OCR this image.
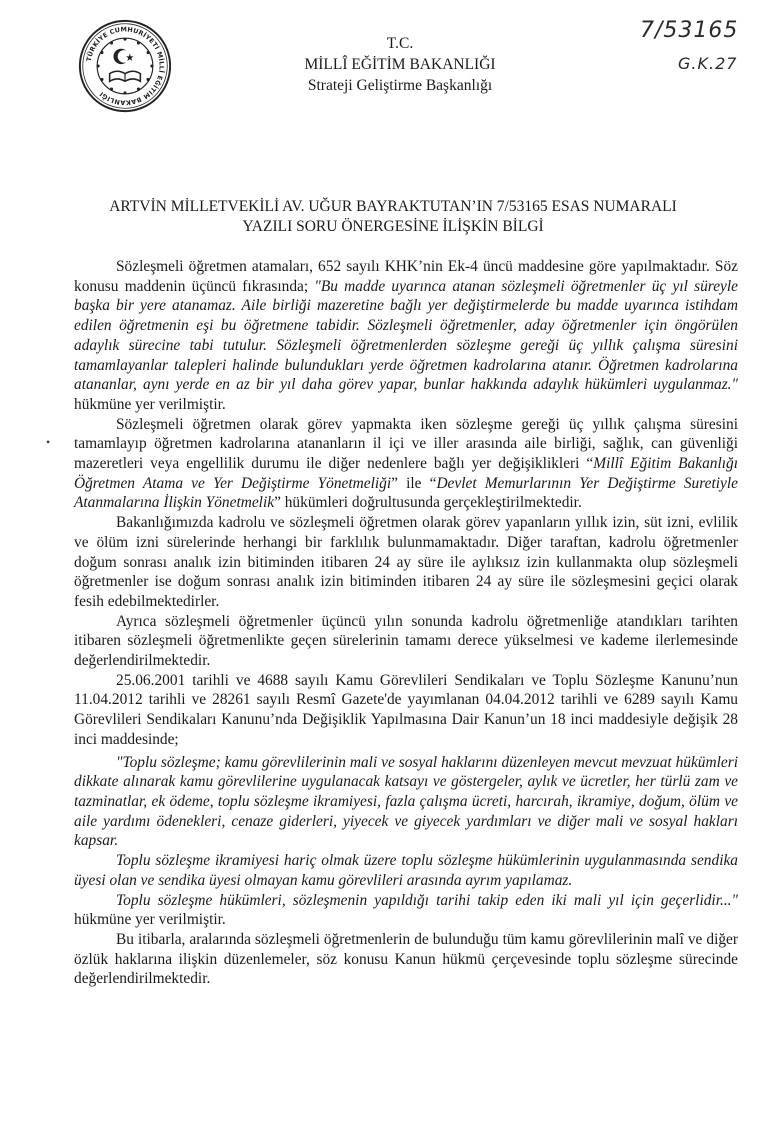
TÜRKİYE CUMHURİYETİ MİLLÎ EĞİTİM BAKANLIĞI
T.C.
MİLLÎ EĞİTİM BAKANLIĞI
Strateji Geliştirme Başkanlığı
7/53165
G.K.27
ARTVİN MİLLETVEKİLİ AV. UĞUR BAYRAKTUTAN’IN 7/53165 ESAS NUMARALI
YAZILI SORU ÖNERGESİNE İLİŞKİN BİLGİ
•

Sözleşmeli öğretmen atamaları, 652 sayılı KHK’nin Ek-4 üncü maddesine göre yapılmaktadır. Söz konusu maddenin üçüncü fıkrasında; "Bu madde uyarınca atanan sözleşmeli öğretmenler üç yıl süreyle başka bir yere atanamaz. Aile birliği mazeretine bağlı yer değiştirmelerde bu madde uyarınca istihdam edilen öğretmenin eşi bu öğretmene tabidir. Sözleşmeli öğretmenler, aday öğretmenler için öngörülen adaylık sürecine tabi tutulur. Sözleşmeli öğretmenlerden sözleşme gereği üç yıllık çalışma süresini tamamlayanlar talepleri halinde bulundukları yerde öğretmen kadrolarına atanır. Öğretmen kadrolarına atananlar, aynı yerde en az bir yıl daha görev yapar, bunlar hakkında adaylık hükümleri uygulanmaz." hükmüne yer verilmiştir.

Sözleşmeli öğretmen olarak görev yapmakta iken sözleşme gereği üç yıllık çalışma süresini tamamlayıp öğretmen kadrolarına atananların il içi ve iller arasında aile birliği, sağlık, can güvenliği mazeretleri veya engellilik durumu ile diğer nedenlere bağlı yer değişiklikleri “Millî Eğitim Bakanlığı Öğretmen Atama ve Yer Değiştirme Yönetmeliği” ile “Devlet Memurlarının Yer Değiştirme Suretiyle Atanmalarına İlişkin Yönetmelik” hükümleri doğrultusunda gerçekleştirilmektedir.

Bakanlığımızda kadrolu ve sözleşmeli öğretmen olarak görev yapanların yıllık izin, süt izni, evlilik ve ölüm izni sürelerinde herhangi bir farklılık bulunmamaktadır. Diğer taraftan, kadrolu öğretmenler doğum sonrası analık izin bitiminden itibaren 24 ay süre ile aylıksız izin kullanmakta olup sözleşmeli öğretmenler ise doğum sonrası analık izin bitiminden itibaren 24 ay süre ile sözleşmesini geçici olarak fesih edebilmektedirler.

Ayrıca sözleşmeli öğretmenler üçüncü yılın sonunda kadrolu öğretmenliğe atandıkları tarihten itibaren sözleşmeli öğretmenlikte geçen sürelerinin tamamı derece yükselmesi ve kademe ilerlemesinde değerlendirilmektedir.

25.06.2001 tarihli ve 4688 sayılı Kamu Görevlileri Sendikaları ve Toplu Sözleşme Kanunu’nun 11.04.2012 tarihli ve 28261 sayılı Resmî Gazete'de yayımlanan 04.04.2012 tarihli ve 6289 sayılı Kamu Görevlileri Sendikaları Kanunu’nda Değişiklik Yapılmasına Dair Kanun’un 18 inci maddesiyle değişik 28 inci maddesinde;

"Toplu sözleşme; kamu görevlilerinin mali ve sosyal haklarını düzenleyen mevcut mevzuat hükümleri dikkate alınarak kamu görevlilerine uygulanacak katsayı ve göstergeler, aylık ve ücretler, her türlü zam ve tazminatlar, ek ödeme, toplu sözleşme ikramiyesi, fazla çalışma ücreti, harcırah, ikramiye, doğum, ölüm ve aile yardımı ödenekleri, cenaze giderleri, yiyecek ve giyecek yardımları ve diğer mali ve sosyal hakları kapsar.

Toplu sözleşme ikramiyesi hariç olmak üzere toplu sözleşme hükümlerinin uygulanmasında sendika üyesi olan ve sendika üyesi olmayan kamu görevlileri arasında ayrım yapılamaz.

Toplu sözleşme hükümleri, sözleşmenin yapıldığı tarihi takip eden iki mali yıl için geçerlidir..." hükmüne yer verilmiştir.

Bu itibarla, aralarında sözleşmeli öğretmenlerin de bulunduğu tüm kamu görevlilerinin malî ve diğer özlük haklarına ilişkin düzenlemeler, söz konusu Kanun hükmü çerçevesinde toplu sözleşme sürecinde değerlendirilmektedir.
